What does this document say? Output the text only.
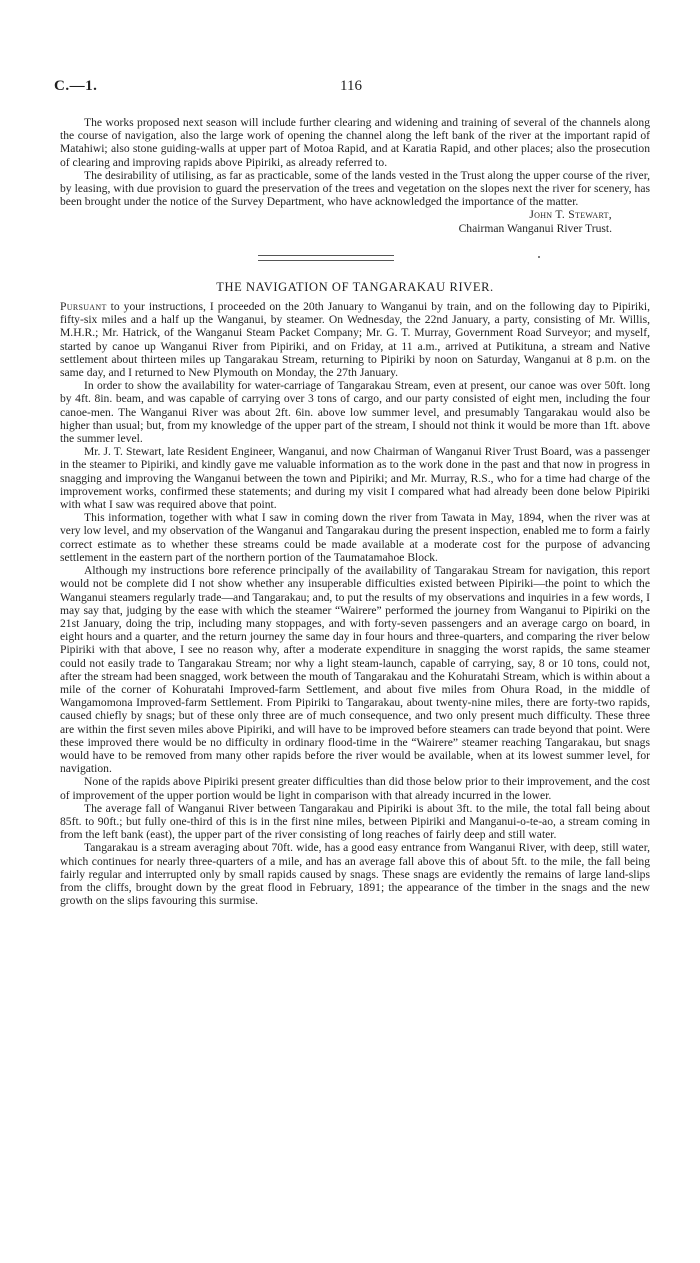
C.—1.	116

The works proposed next season will include further clearing and widening and training of several of the channels along the course of navigation, also the large work of opening the channel along the left bank of the river at the important rapid of Matahiwi; also stone guiding-walls at upper part of Motoa Rapid, and at Karatia Rapid, and other places; also the prosecution of clearing and improving rapids above Pipiriki, as already referred to.

The desirability of utilising, as far as practicable, some of the lands vested in the Trust along the upper course of the river, by leasing, with due provision to guard the preservation of the trees and vegetation on the slopes next the river for scenery, has been brought under the notice of the Survey Department, who have acknowledged the importance of the matter.

John T. Stewart,
Chairman Wanganui River Trust.
THE NAVIGATION OF TANGARAKAU RIVER.

Pursuant to your instructions, I proceeded on the 20th January to Wanganui by train, and on the following day to Pipiriki, fifty-six miles and a half up the Wanganui, by steamer. On Wednesday, the 22nd January, a party, consisting of Mr. Willis, M.H.R.; Mr. Hatrick, of the Wanganui Steam Packet Company; Mr. G. T. Murray, Government Road Surveyor; and myself, started by canoe up Wanganui River from Pipiriki, and on Friday, at 11 a.m., arrived at Putikituna, a stream and Native settlement about thirteen miles up Tangarakau Stream, returning to Pipiriki by noon on Saturday, Wanganui at 8 p.m. on the same day, and I returned to New Plymouth on Monday, the 27th January.

In order to show the availability for water-carriage of Tangarakau Stream, even at present, our canoe was over 50ft. long by 4ft. 8in. beam, and was capable of carrying over 3 tons of cargo, and our party consisted of eight men, including the four canoe-men. The Wanganui River was about 2ft. 6in. above low summer level, and presumably Tangarakau would also be higher than usual; but, from my knowledge of the upper part of the stream, I should not think it would be more than 1ft. above the summer level.

Mr. J. T. Stewart, late Resident Engineer, Wanganui, and now Chairman of Wanganui River Trust Board, was a passenger in the steamer to Pipiriki, and kindly gave me valuable information as to the work done in the past and that now in progress in snagging and improving the Wanganui between the town and Pipiriki; and Mr. Murray, R.S., who for a time had charge of the improvement works, confirmed these statements; and during my visit I compared what had already been done below Pipiriki with what I saw was required above that point.

This information, together with what I saw in coming down the river from Tawata in May, 1894, when the river was at very low level, and my observation of the Wanganui and Tangarakau during the present inspection, enabled me to form a fairly correct estimate as to whether these streams could be made available at a moderate cost for the purpose of advancing settlement in the eastern part of the northern portion of the Taumatamahoe Block.

Although my instructions bore reference principally of the availability of Tangarakau Stream for navigation, this report would not be complete did I not show whether any insuperable difficulties existed between Pipiriki—the point to which the Wanganui steamers regularly trade—and Tangarakau; and, to put the results of my observations and inquiries in a few words, I may say that, judging by the ease with which the steamer “Wairere” performed the journey from Wanganui to Pipiriki on the 21st January, doing the trip, including many stoppages, and with forty-seven passengers and an average cargo on board, in eight hours and a quarter, and the return journey the same day in four hours and three-quarters, and comparing the river below Pipiriki with that above, I see no reason why, after a moderate expenditure in snagging the worst rapids, the same steamer could not easily trade to Tangarakau Stream; nor why a light steam-launch, capable of carrying, say, 8 or 10 tons, could not, after the stream had been snagged, work between the mouth of Tangarakau and the Kohuratahi Stream, which is within about a mile of the corner of Kohuratahi Improved-farm Settlement, and about five miles from Ohura Road, in the middle of Wangamomona Improved-farm Settlement. From Pipiriki to Tangarakau, about twenty-nine miles, there are forty-two rapids, caused chiefly by snags; but of these only three are of much consequence, and two only present much difficulty. These three are within the first seven miles above Pipiriki, and will have to be improved before steamers can trade beyond that point. Were these improved there would be no difficulty in ordinary flood-time in the “Wairere” steamer reaching Tangarakau, but snags would have to be removed from many other rapids before the river would be available, when at its lowest summer level, for navigation.

None of the rapids above Pipiriki present greater difficulties than did those below prior to their improvement, and the cost of improvement of the upper portion would be light in comparison with that already incurred in the lower.

The average fall of Wanganui River between Tangarakau and Pipiriki is about 3ft. to the mile, the total fall being about 85ft. to 90ft.; but fully one-third of this is in the first nine miles, between Pipiriki and Manganui-o-te-ao, a stream coming in from the left bank (east), the upper part of the river consisting of long reaches of fairly deep and still water.

Tangarakau is a stream averaging about 70ft. wide, has a good easy entrance from Wanganui River, with deep, still water, which continues for nearly three-quarters of a mile, and has an average fall above this of about 5ft. to the mile, the fall being fairly regular and interrupted only by small rapids caused by snags. These snags are evidently the remains of large land-slips from the cliffs, brought down by the great flood in February, 1891; the appearance of the timber in the snags and the new growth on the slips favouring this surmise.
